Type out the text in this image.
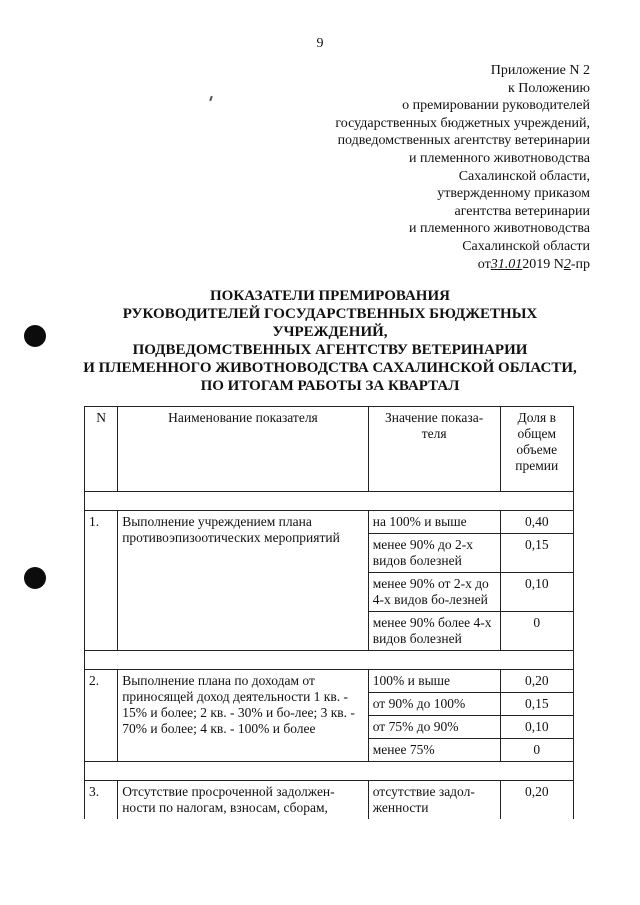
9
Приложение N 2
к Положению
о премировании руководителей
государственных бюджетных учреждений,
подведомственных агентству ветеринарии
и племенного животноводства
Сахалинской области,
утвержденному приказом
агентства ветеринарии
и племенного животноводства
Сахалинской области
от31.012019 N2-пр
ПОКАЗАТЕЛИ ПРЕМИРОВАНИЯ
РУКОВОДИТЕЛЕЙ ГОСУДАРСТВЕННЫХ БЮДЖЕТНЫХ
УЧРЕЖДЕНИЙ,
ПОДВЕДОМСТВЕННЫХ АГЕНТСТВУ ВЕТЕРИНАРИИ
И ПЛЕМЕННОГО ЖИВОТНОВОДСТВА САХАЛИНСКОЙ ОБЛАСТИ,
ПО ИТОГАМ РАБОТЫ ЗА КВАРТАЛ
N	Наименование показателя	Значение показа-теля	Доля в общем объеме премии

1.	Выполнение учреждением плана противоэпизоотических мероприятий	на 100% и выше	0,40
		менее 90% до 2-х видов болезней	0,15
		менее 90% от 2-х до 4-х видов бо-лезней	0,10
		менее 90% более 4-х видов болезней	0

2.	Выполнение плана по доходам от приносящей доход деятельности 1 кв. - 15% и более; 2 кв. - 30% и бо-лее; 3 кв. - 70% и более; 4 кв. - 100% и более	100% и выше	0,20
		от 90% до 100%	0,15
		от 75% до 90%	0,10
		менее 75%	0

3.	Отсутствие просроченной задолжен-ности по налогам, взносам, сборам,	отсутствие задол-женности	0,20
